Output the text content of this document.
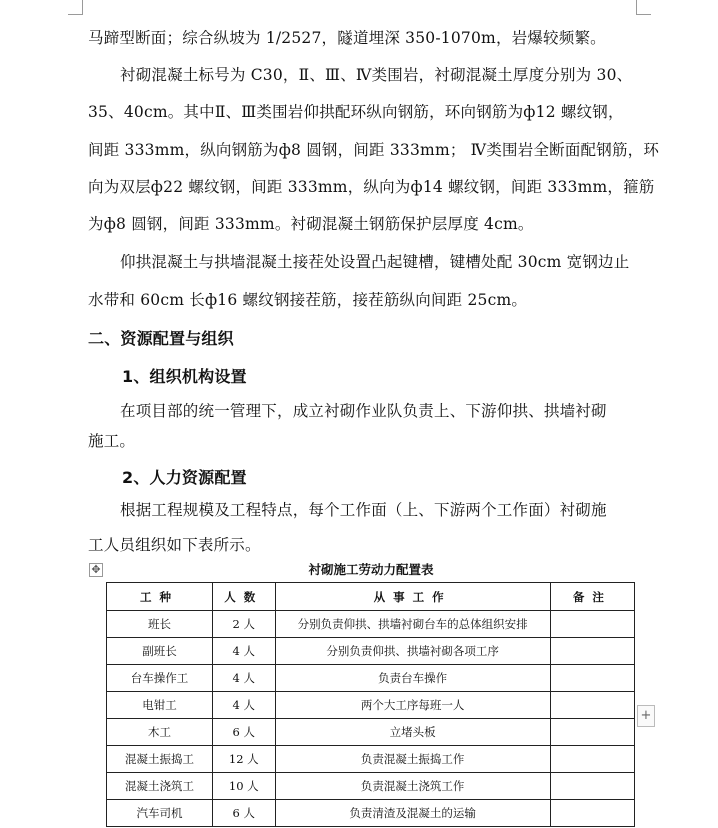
马蹄型断面；综合纵坡为 1/2527，隧道埋深 350-1070m，岩爆较频繁。
衬砌混凝土标号为 C30，Ⅱ、Ⅲ、Ⅳ类围岩，衬砌混凝土厚度分别为 30、
35、40cm。其中Ⅱ、Ⅲ类围岩仰拱配环纵向钢筋，环向钢筋为ф12 螺纹钢，
间距 333mm，纵向钢筋为ф8 圆钢，间距 333mm； Ⅳ类围岩全断面配钢筋，环
向为双层ф22 螺纹钢，间距 333mm，纵向为ф14 螺纹钢，间距 333mm，箍筋
为ф8 圆钢，间距 333mm。衬砌混凝土钢筋保护层厚度 4cm。
仰拱混凝土与拱墙混凝土接茬处设置凸起键槽，键槽处配 30cm 宽钢边止
水带和 60cm 长ф16 螺纹钢接茬筋，接茬筋纵向间距 25cm。
二、资源配置与组织
1、组织机构设置
在项目部的统一管理下，成立衬砌作业队负责上、下游仰拱、拱墙衬砌
施工。
2、人力资源配置
根据工程规模及工程特点，每个工作面（上、下游两个工作面）衬砌施
工人员组织如下表所示。
衬砌施工劳动力配置表
✥
+
工种	人数	从事工作	备注
班长	2 人	分别负责仰拱、拱墙衬砌台车的总体组织安排	
副班长	4 人	分别负责仰拱、拱墙衬砌各项工序	
台车操作工	4 人	负责台车操作	
电钳工	4 人	两个大工序每班一人	
木工	6 人	立堵头板	
混凝土振捣工	12 人	负责混凝土振捣工作	
混凝土浇筑工	10 人	负责混凝土浇筑工作	
汽车司机	6 人	负责清渣及混凝土的运输	
